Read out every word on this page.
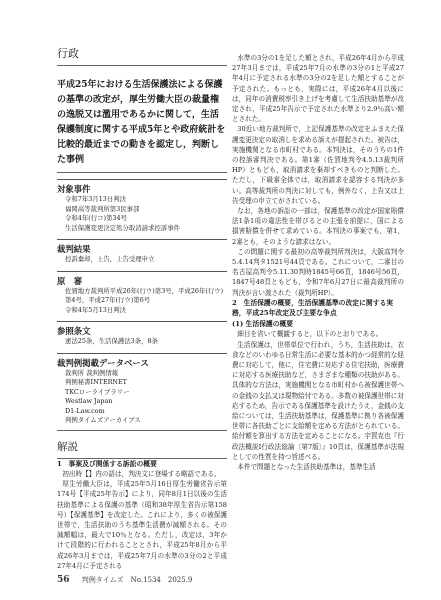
行政
平成25年における生活保護法による保護の基準の改定が，厚生労働大臣の裁量権の逸脱又は濫用であるかに関して，生活保護制度に関する平成5年とや政府統計を比較的最近までの動きを認定し，判断した事例
対象事件
令和7年3月13日判決
福岡高等裁判所第3民事部
令和4年(行コ)第34号
生活保護変更決定処分取消請求控訴事件
裁判結果
控訴棄却，上告，上告受理申立
原　審
佐賀地方裁判所平成26年(行ウ)第3号，平成26年(行ウ)第4号，平成27年(行ウ)第6号
令和4年5月13日判決
参照条文
憲法25条，生活保護法3条，8条
裁判例掲載データベース
裁判所 裁判例情報
判例秘書INTERNET
TKCローライブラリー
Westlaw Japan
D1-Law.com
判例タイムズアーカイブス
解説
1　事案及び関係する訴訟の概要
初出時【】内の語は，判決文に登場する略語である。
厚生労働大臣は，平成25年5月16日厚生労働省告示第174号【平成25年告示】により，同年8月1日以後の生活扶助基準による保護の基準（昭和38年厚生省告示第158号）【保護基準】を改定した。これにより，多くの被保護世帯で，生活扶助のうち基準生活費が減額される。その減額幅は，最大で10％となる。ただし，改定は，3年かけて段階的に行われることとされ，平成25年8月から平成26年3月までは，平成25年7月の水準の3分の2と平成27年4月に予定される
水準の3分の1を足した額とされ，平成26年4月から平成27年3月までは，平成25年7月の水準の3分の1と平成27年4月に予定される水準の3分の2を足した額とすることが予定された。もっとも，実際には，平成26年4月以後には，同年の消費税率引き上げを考慮して生活扶助基準が改定され，平成25年告示で予定された水準より2.9％高い額とされた。
30近い地方裁判所で，上記保護基準の改定をふまえた保護変更決定の取消しを求める訴えが提起された。被告は，実施機関となる市町村である。本判決は，そのうちの1件の控訴審判決である。第1審（佐賀地判令4.5.13裁判所HP）ともども，取消請求を棄却すべきものと判断した。ただし，下級審全体では，取消請求を認容する判決が多い。高等裁判所の判決に対しても，例外なく，上告又は上告受理の申立てがされている。
なお，各地の訴訟の一部は，保護基準の改定が国家賠償法1条1項の違法性を帯びるとの主張を前提に，国による損害賠償を併せて求めている。本判決の事案でも，第1，2審とも，そのような請求はない。
この問題に関する最初の高等裁判所判決は，大阪高判令5.4.14判タ1521号44頁である。これについて，二審目の名古屋高判令5.11.30判時1845号66頁，1846号56頁，1847号48頁ともども，令和7年6月27日に最高裁判所の判決が言い渡された（裁判所HP）。
2　生活保護の概要，生活保護基準の改定に関する実務，平成25年改定及び主要な争点
(1) 生活保護の概要
細目を省いて概観すると，以下のとおりである。
生活保護は，世帯単位で行われ，うち，生活扶助は，衣食などのいわゆる日常生活に必要な基本的かつ経常的な経費に対応して，他に，住宅費に対応する住宅扶助，医療費に対応する医療扶助など，さまざまな種類の扶助がある。具体的な方法は，実施機関となる市町村から被保護世帯への金銭の支払又は現物給付である。多数の被保護世帯に対応するため，告示である保護基準を設けたうえ，金銭の支給については，生活扶助基準は，保護基準に拠り各被保護世帯に各扶助ごとに支給額を定める方法がとられている。給付額を算出する方法を定めることになる。宇賀克也『行政法概説Ⅰ行政法総論〔第7版〕』10頁は，保護基準が法規としての性質を持つ旨述べる。
本件で問題となった生活扶助基準は，基準生活
56 判例タイムズ　No.1534　2025.9
